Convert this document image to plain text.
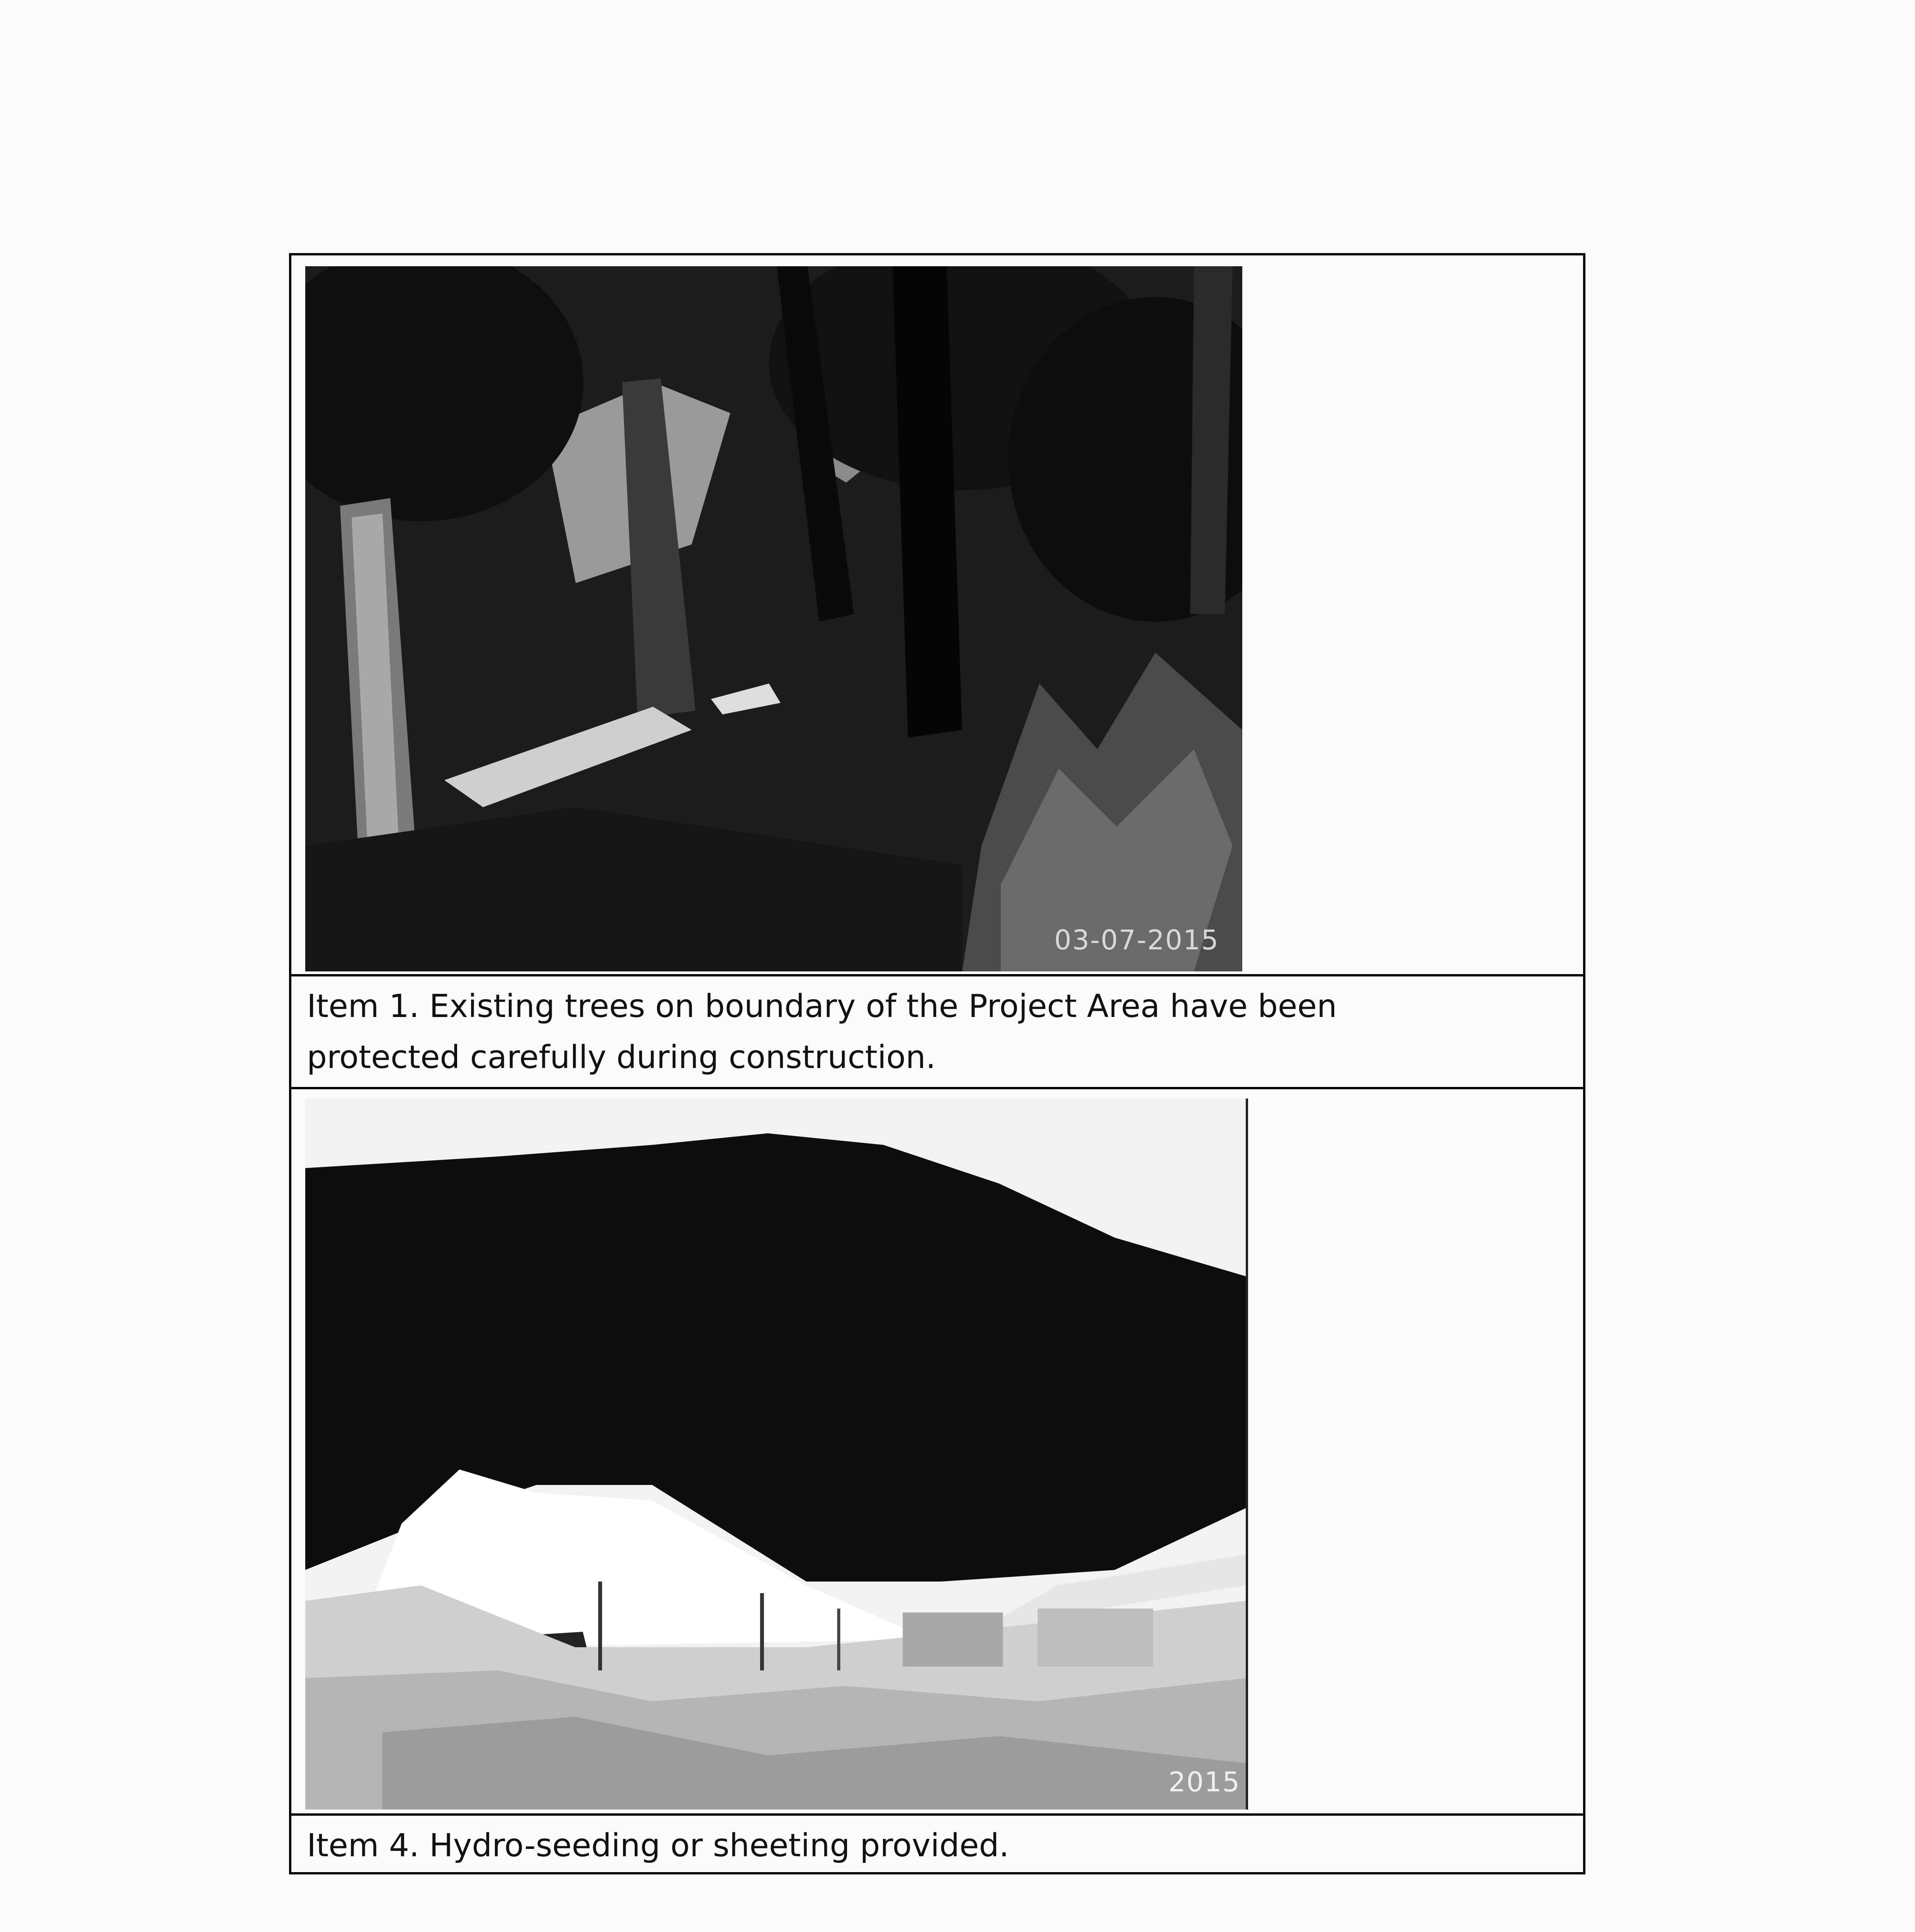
03-07-2015
Item 1. Existing trees on boundary of the Project Area have been protected carefully during construction.
2015
Item 4. Hydro-seeding or sheeting provided.
